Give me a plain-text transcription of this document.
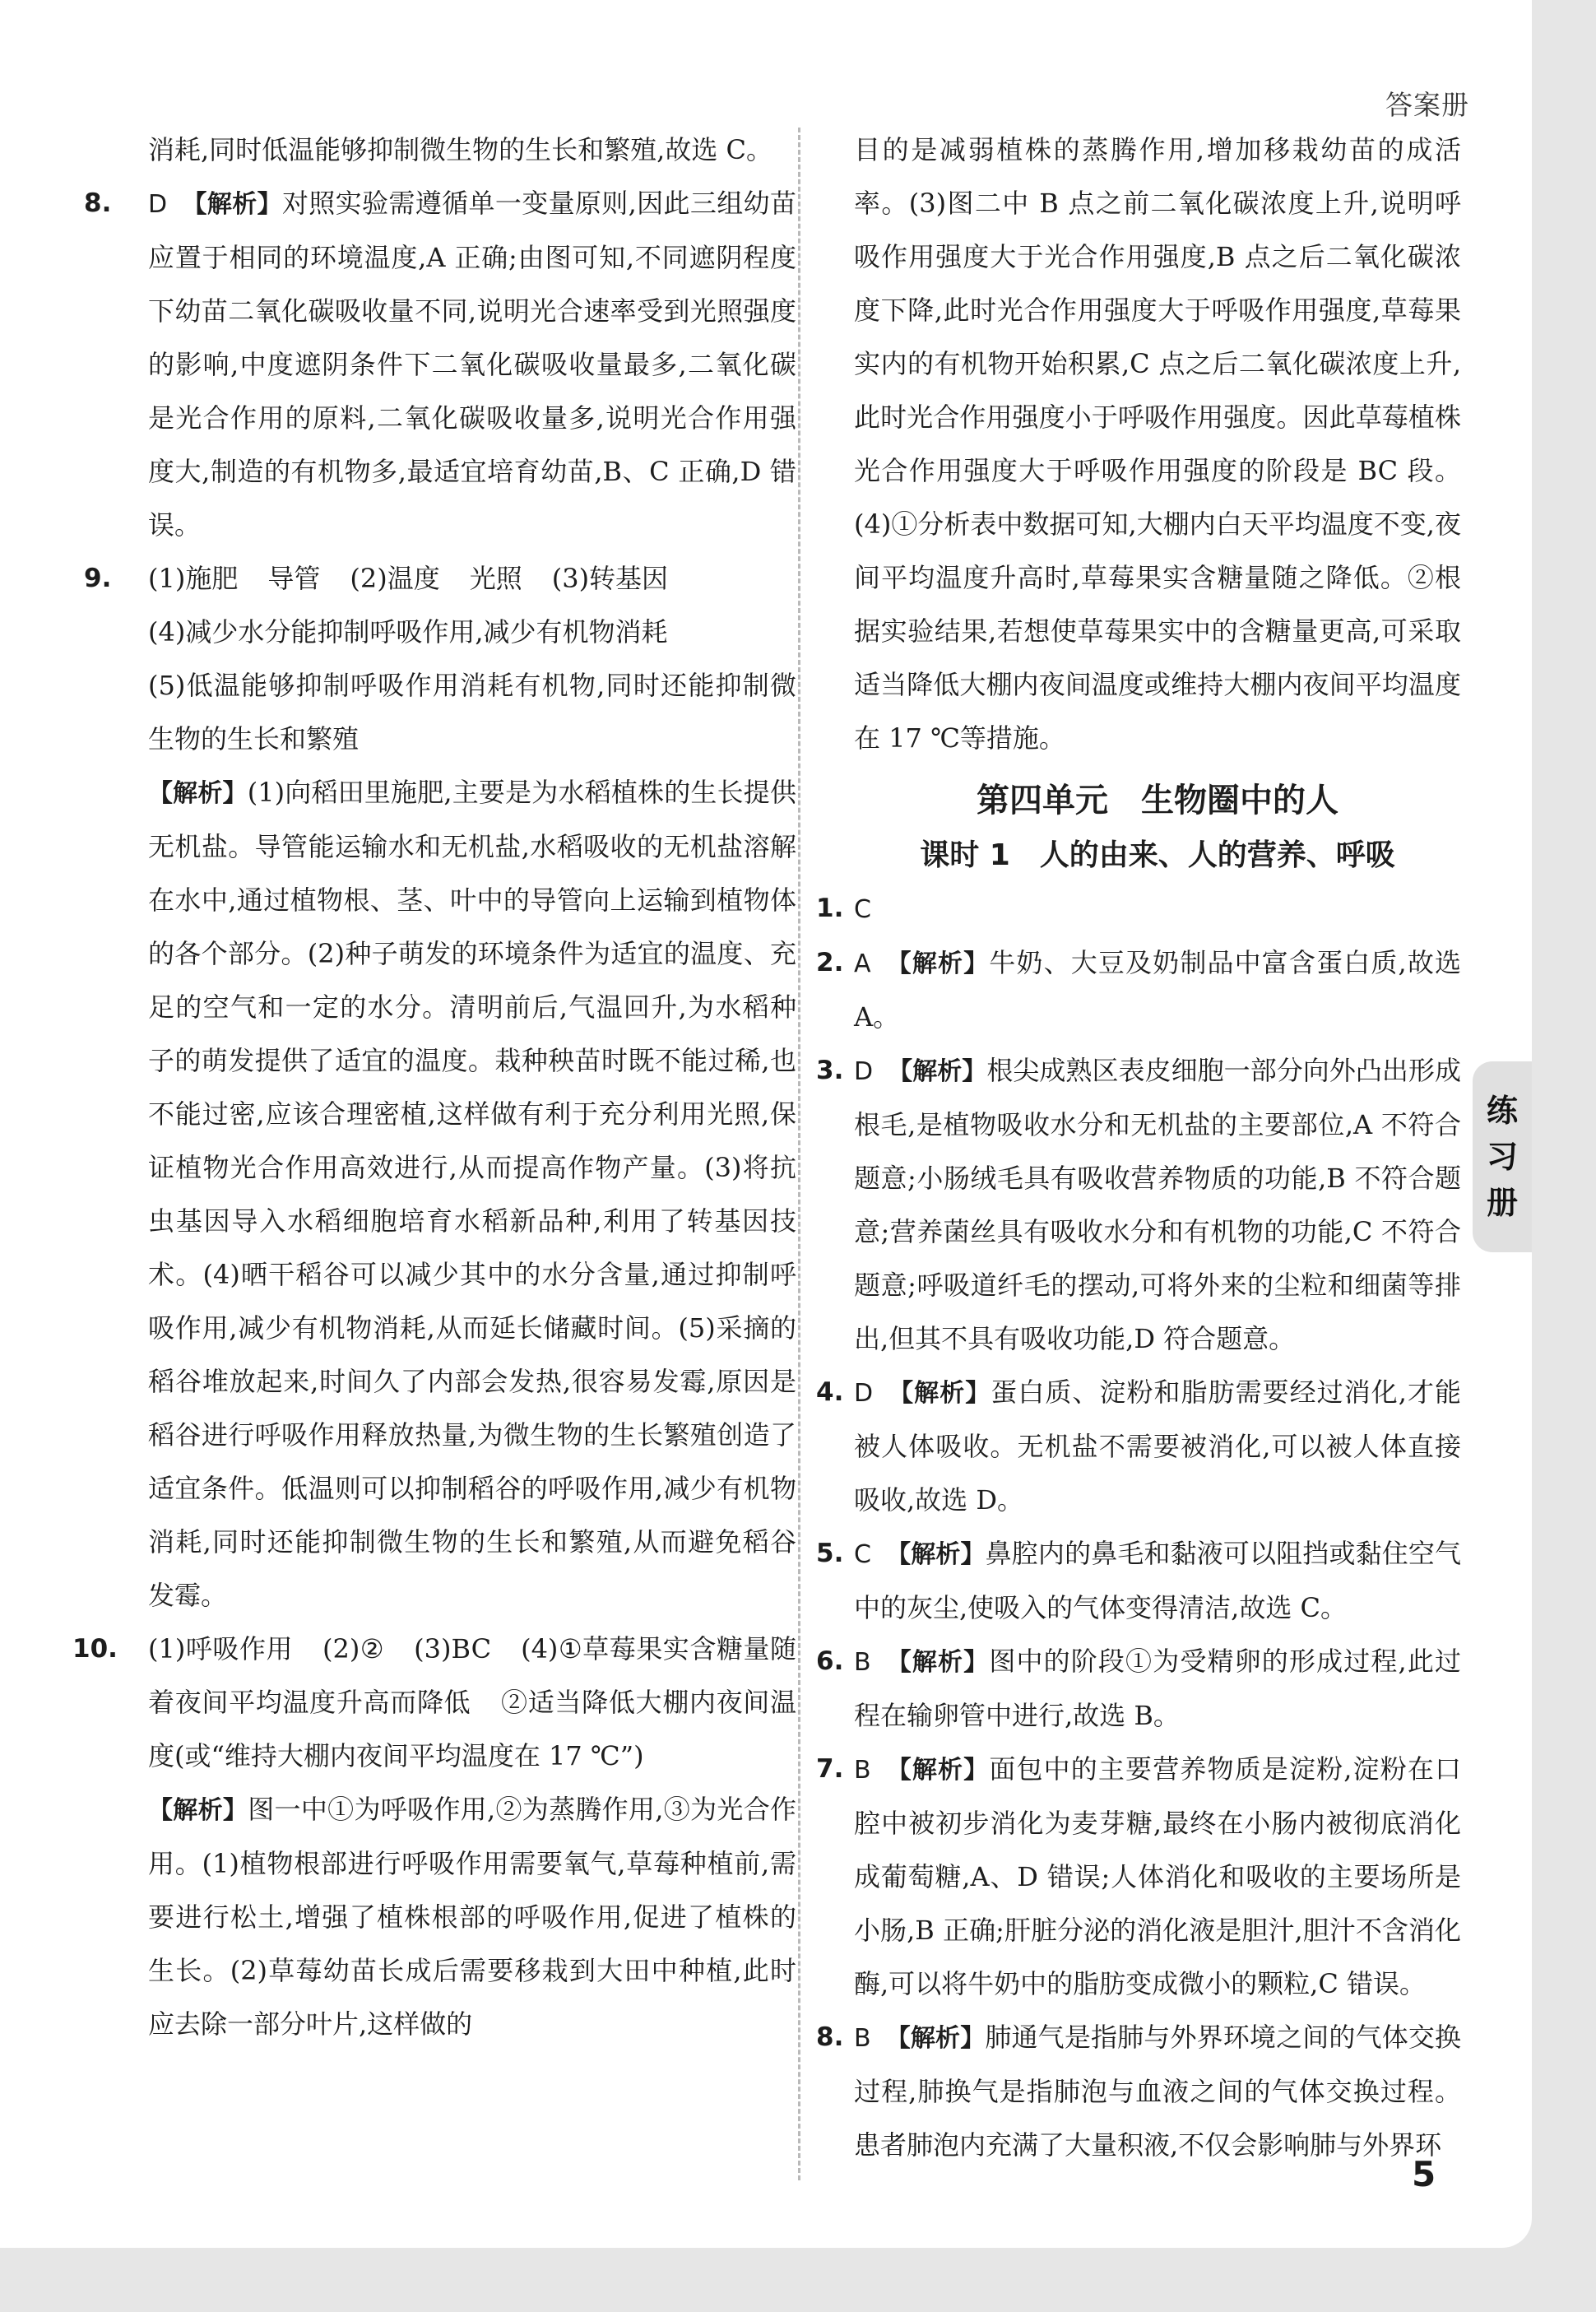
答案册

消耗,同时低温能够抑制微生物的生长和繁殖,故选 C。

8. D 【解析】对照实验需遵循单一变量原则,因此三组幼苗应置于相同的环境温度,A 正确;由图可知,不同遮阴程度下幼苗二氧化碳吸收量不同,说明光合速率受到光照强度的影响,中度遮阴条件下二氧化碳吸收量最多,二氧化碳是光合作用的原料,二氧化碳吸收量多,说明光合作用强度大,制造的有机物多,最适宜培育幼苗,B、C 正确,D 错误。

9. (1)施肥 导管 (2)温度 光照 (3)转基因

(4)减少水分能抑制呼吸作用,减少有机物消耗

(5)低温能够抑制呼吸作用消耗有机物,同时还能抑制微生物的生长和繁殖

【解析】(1)向稻田里施肥,主要是为水稻植株的生长提供无机盐。导管能运输水和无机盐,水稻吸收的无机盐溶解在水中,通过植物根、茎、叶中的导管向上运输到植物体的各个部分。(2)种子萌发的环境条件为适宜的温度、充足的空气和一定的水分。清明前后,气温回升,为水稻种子的萌发提供了适宜的温度。栽种秧苗时既不能过稀,也不能过密,应该合理密植,这样做有利于充分利用光照,保证植物光合作用高效进行,从而提高作物产量。(3)将抗虫基因导入水稻细胞培育水稻新品种,利用了转基因技术。(4)晒干稻谷可以减少其中的水分含量,通过抑制呼吸作用,减少有机物消耗,从而延长储藏时间。(5)采摘的稻谷堆放起来,时间久了内部会发热,很容易发霉,原因是稻谷进行呼吸作用释放热量,为微生物的生长繁殖创造了适宜条件。低温则可以抑制稻谷的呼吸作用,减少有机物消耗,同时还能抑制微生物的生长和繁殖,从而避免稻谷发霉。

10. (1)呼吸作用 (2)② (3)BC (4)①草莓果实含糖量随着夜间平均温度升高而降低 ②适当降低大棚内夜间温度(或“维持大棚内夜间平均温度在 17 ℃”)

【解析】图一中①为呼吸作用,②为蒸腾作用,③为光合作用。(1)植物根部进行呼吸作用需要氧气,草莓种植前,需要进行松土,增强了植株根部的呼吸作用,促进了植株的生长。(2)草莓幼苗长成后需要移栽到大田中种植,此时应去除一部分叶片,这样做的

目的是减弱植株的蒸腾作用,增加移栽幼苗的成活率。(3)图二中 B 点之前二氧化碳浓度上升,说明呼吸作用强度大于光合作用强度,B 点之后二氧化碳浓度下降,此时光合作用强度大于呼吸作用强度,草莓果实内的有机物开始积累,C 点之后二氧化碳浓度上升,此时光合作用强度小于呼吸作用强度。因此草莓植株光合作用强度大于呼吸作用强度的阶段是 BC 段。(4)①分析表中数据可知,大棚内白天平均温度不变,夜间平均温度升高时,草莓果实含糖量随之降低。②根据实验结果,若想使草莓果实中的含糖量更高,可采取适当降低大棚内夜间温度或维持大棚内夜间平均温度在 17 ℃等措施。

第四单元　生物圈中的人
课时 1　人的由来、人的营养、呼吸
1. C

2. A 【解析】牛奶、大豆及奶制品中富含蛋白质,故选 A。

3. D 【解析】根尖成熟区表皮细胞一部分向外凸出形成根毛,是植物吸收水分和无机盐的主要部位,A 不符合题意;小肠绒毛具有吸收营养物质的功能,B 不符合题意;营养菌丝具有吸收水分和有机物的功能,C 不符合题意;呼吸道纤毛的摆动,可将外来的尘粒和细菌等排出,但其不具有吸收功能,D 符合题意。

4. D 【解析】蛋白质、淀粉和脂肪需要经过消化,才能被人体吸收。无机盐不需要被消化,可以被人体直接吸收,故选 D。

5. C 【解析】鼻腔内的鼻毛和黏液可以阻挡或黏住空气中的灰尘,使吸入的气体变得清洁,故选 C。

6. B 【解析】图中的阶段①为受精卵的形成过程,此过程在输卵管中进行,故选 B。

7. B 【解析】面包中的主要营养物质是淀粉,淀粉在口腔中被初步消化为麦芽糖,最终在小肠内被彻底消化成葡萄糖,A、D 错误;人体消化和吸收的主要场所是小肠,B 正确;肝脏分泌的消化液是胆汁,胆汁不含消化酶,可以将牛奶中的脂肪变成微小的颗粒,C 错误。

8. B 【解析】肺通气是指肺与外界环境之间的气体交换过程,肺换气是指肺泡与血液之间的气体交换过程。患者肺泡内充满了大量积液,不仅会影响肺与外界环

5
练
习
册
